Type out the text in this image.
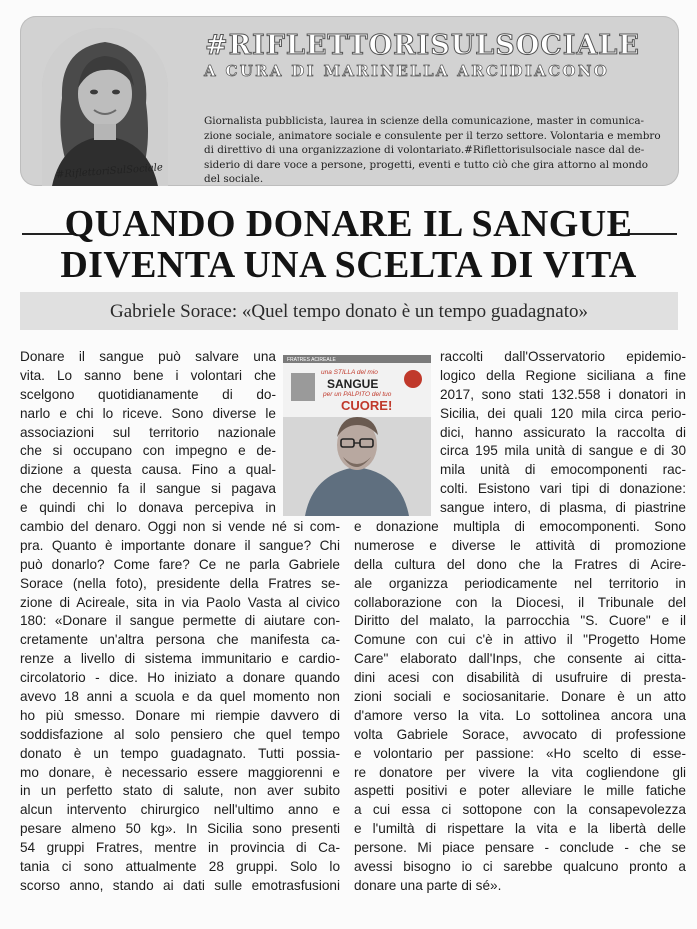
#RiflettoriSulSociale
#RIFLETTORISULSOCIALE
A CURA DI MARINELLA ARCIDIACONO
Giornalista pubblicista, laurea in scienze della comunicazione, master in comunica-
zione sociale, animatore sociale e consulente per il terzo settore. Volontaria e membro
di direttivo di una organizzazione di volontariato.#Riflettorisulsociale nasce dal de-
siderio di dare voce a persone, progetti, eventi e tutto ciò che gira attorno al mondo
del sociale.
QUANDO DONARE IL SANGUE
DIVENTA UNA SCELTA DI VITA
Gabriele Sorace: «Quel tempo donato è un tempo guadagnato»
FRATRES ACIREALE
una STILLA del mio
SANGUE
per un PALPITO del tuo
CUORE!
Donare il sangue può salvare una
vita. Lo sanno bene i volontari che
scelgono quotidianamente di do-
narlo e chi lo riceve. Sono diverse le
associazioni sul territorio nazionale
che si occupano con impegno e de-
dizione a questa causa. Fino a qual-
che decennio fa il sangue si pagava
e quindi chi lo donava percepiva in
cambio del denaro. Oggi non si vende né si com-
pra. Quanto è importante donare il sangue? Chi
può donarlo? Come fare? Ce ne parla Gabriele
Sorace (nella foto), presidente della Fratres se-
zione di Acireale, sita in via Paolo Vasta al civico
180: «Donare il sangue permette di aiutare con-
cretamente un'altra persona che manifesta ca-
renze a livello di sistema immunitario e cardio-
circolatorio - dice. Ho iniziato a donare quando
avevo 18 anni a scuola e da quel momento non
ho più smesso. Donare mi riempie davvero di
soddisfazione al solo pensiero che quel tempo
donato è un tempo guadagnato. Tutti possia-
mo donare, è necessario essere maggiorenni e
in un perfetto stato di salute, non aver subito
alcun intervento chirurgico nell'ultimo anno e
pesare almeno 50 kg». In Sicilia sono presenti
54 gruppi Fratres, mentre in provincia di Ca-
tania ci sono attualmente 28 gruppi. Solo lo
scorso anno, stando ai dati sulle emotrasfusioni
raccolti dall'Osservatorio epidemio-
logico della Regione siciliana a fine
2017, sono stati 132.558 i donatori in
Sicilia, dei quali 120 mila circa perio-
dici, hanno assicurato la raccolta di
circa 195 mila unità di sangue e di 30
mila unità di emocomponenti rac-
colti. Esistono vari tipi di donazione:
sangue intero, di plasma, di piastrine
e donazione multipla di emocomponenti. Sono
numerose e diverse le attività di promozione
della cultura del dono che la Fratres di Acire-
ale organizza periodicamente nel territorio in
collaborazione con la Diocesi, il Tribunale del
Diritto del malato, la parrocchia "S. Cuore" e il
Comune con cui c'è in attivo il "Progetto Home
Care" elaborato dall'Inps, che consente ai citta-
dini acesi con disabilità di usufruire di presta-
zioni sociali e sociosanitarie. Donare è un atto
d'amore verso la vita. Lo sottolinea ancora una
volta Gabriele Sorace, avvocato di professione
e volontario per passione: «Ho scelto di esse-
re donatore per vivere la vita cogliendone gli
aspetti positivi e poter alleviare le mille fatiche
a cui essa ci sottopone con la consapevolezza
e l'umiltà di rispettare la vita e la libertà delle
persone. Mi piace pensare - conclude - che se
avessi bisogno io ci sarebbe qualcuno pronto a
donare una parte di sé».
